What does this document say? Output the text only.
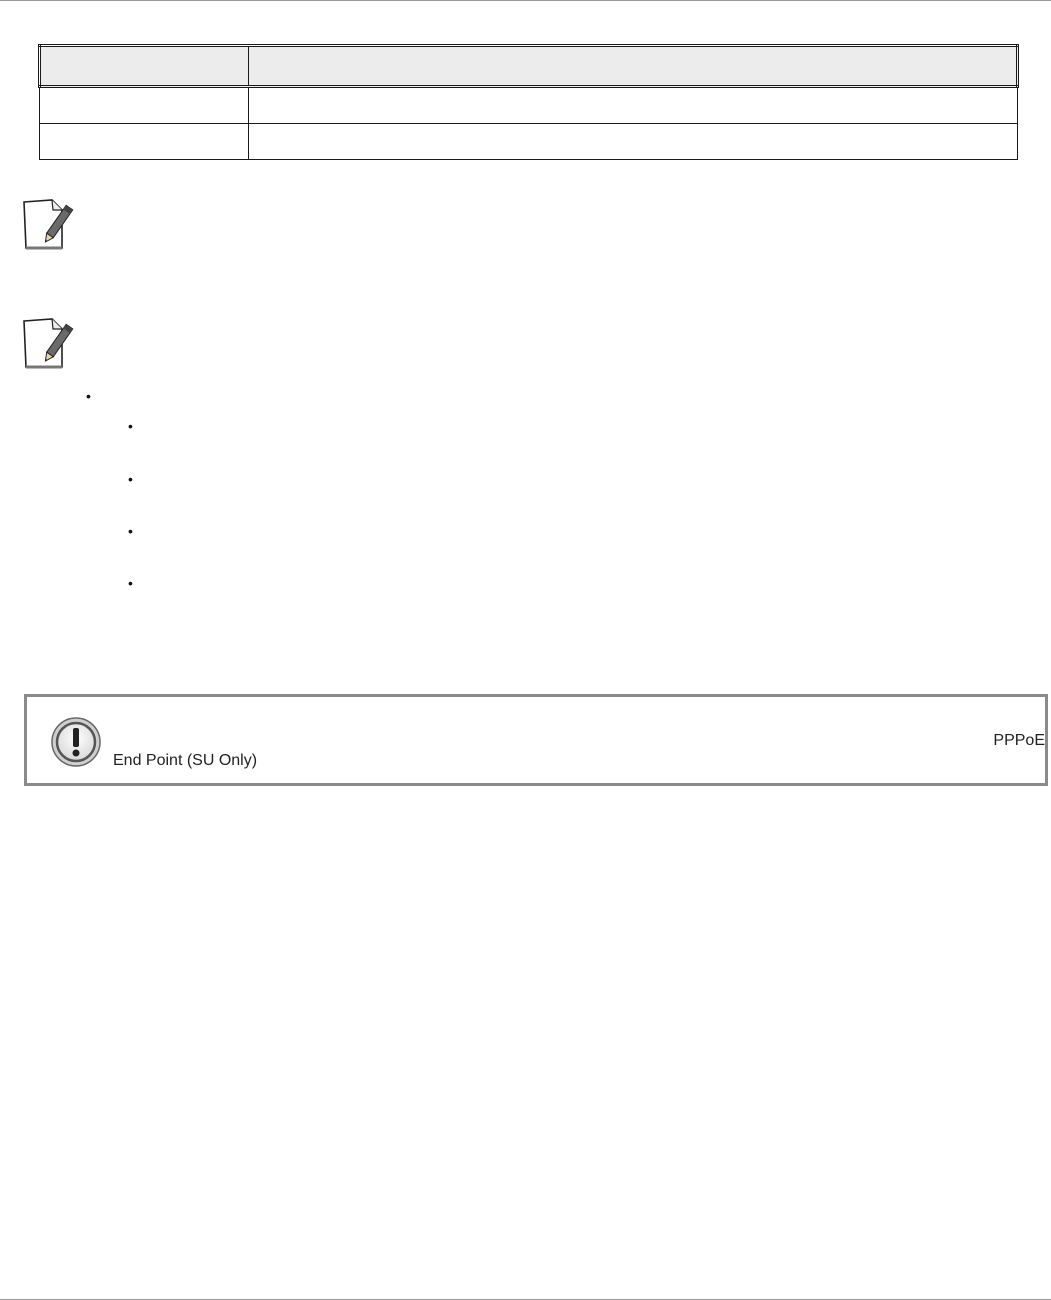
•
•
•
•
•
PPPoE
End Point (SU Only)
